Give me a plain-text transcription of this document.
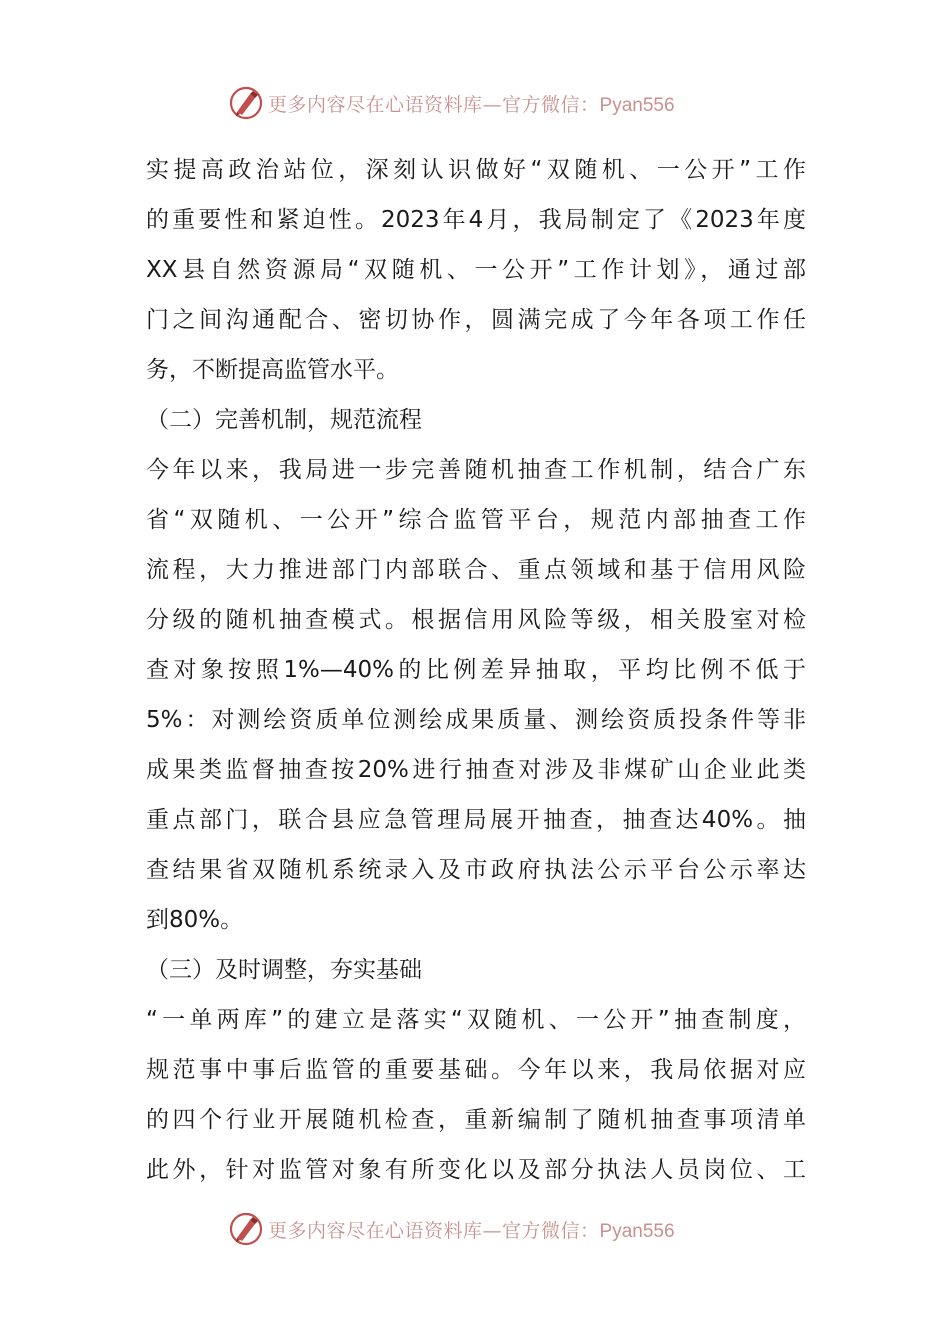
更多内容尽在心语资料库—官方微信：Pyan556
实提高政治站位，深刻认识做好“双随机、一公开”工作
的重要性和紧迫性。2023年4月，我局制定了《2023年度
XX县自然资源局“双随机、一公开”工作计划》，通过部
门之间沟通配合、密切协作，圆满完成了今年各项工作任
务，不断提高监管水平。
（二）完善机制，规范流程
今年以来，我局进一步完善随机抽查工作机制，结合广东
省“双随机、一公开”综合监管平台，规范内部抽查工作
流程，大力推进部门内部联合、重点领域和基于信用风险
分级的随机抽查模式。根据信用风险等级，相关股室对检
查对象按照1%—40%的比例差异抽取，平均比例不低于
5%：对测绘资质单位测绘成果质量、测绘资质投条件等非
成果类监督抽查按20%进行抽查对涉及非煤矿山企业此类
重点部门，联合县应急管理局展开抽查，抽查达40%。抽
查结果省双随机系统录入及市政府执法公示平台公示率达
到80%。
（三）及时调整，夯实基础
“一单两库”的建立是落实“双随机、一公开”抽查制度，
规范事中事后监管的重要基础。今年以来，我局依据对应
的四个行业开展随机检查，重新编制了随机抽查事项清单
此外，针对监管对象有所变化以及部分执法人员岗位、工
更多内容尽在心语资料库—官方微信：Pyan556
